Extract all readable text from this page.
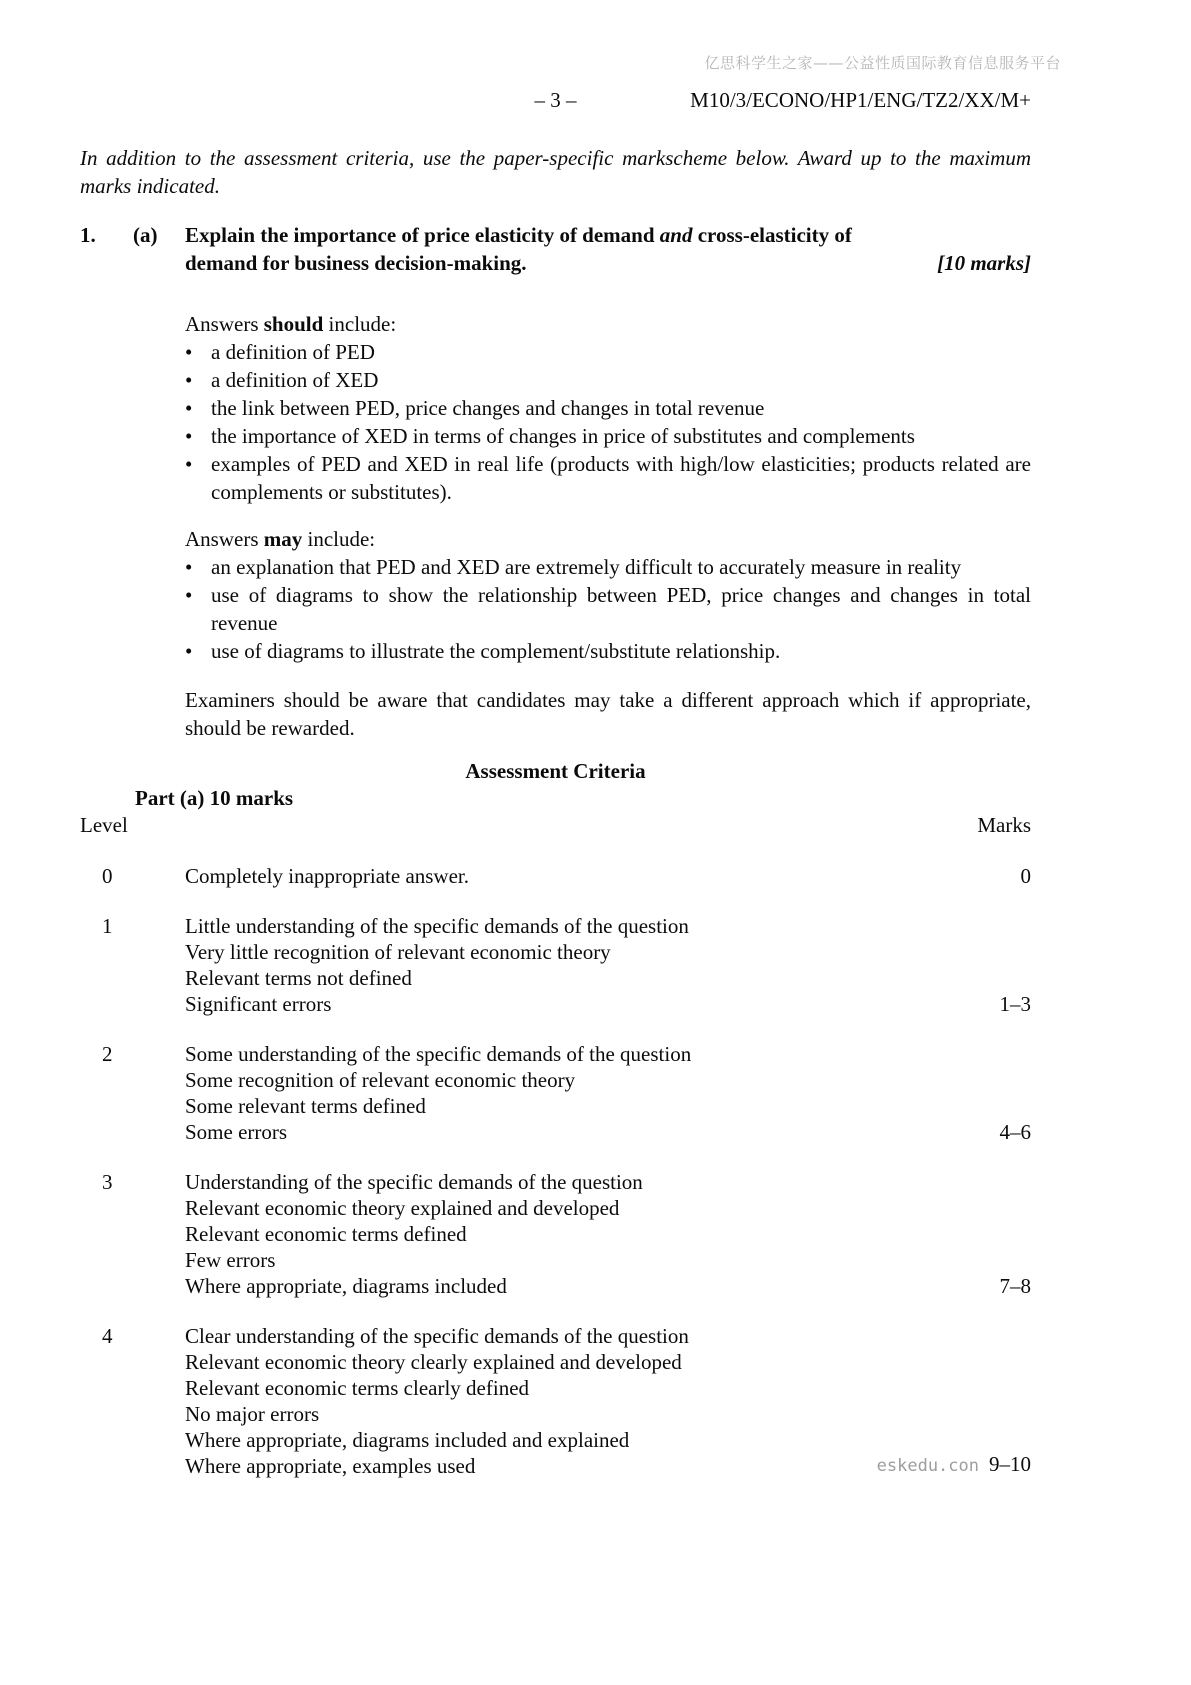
亿思科学生之家——公益性质国际教育信息服务平台
– 3 –	M10/3/ECONO/HP1/ENG/TZ2/XX/M+

In addition to the assessment criteria, use the paper-specific markscheme below. Award up to the maximum marks indicated.

1.	(a)	Explain the importance of price elasticity of demand and cross-elasticity of demand for business decision-making.	[10 marks]
Answers should include:
• a definition of PED
• a definition of XED
• the link between PED, price changes and changes in total revenue
• the importance of XED in terms of changes in price of substitutes and complements
• examples of PED and XED in real life (products with high/low elasticities; products related are complements or substitutes).
Answers may include:
• an explanation that PED and XED are extremely difficult to accurately measure in reality
• use of diagrams to show the relationship between PED, price changes and changes in total revenue
• use of diagrams to illustrate the complement/substitute relationship.

Examiners should be aware that candidates may take a different approach which if appropriate, should be rewarded.

Assessment Criteria
Part (a) 10 marks
Level	Marks
0	Completely inappropriate answer.	0
1	Little understanding of the specific demands of the question
Very little recognition of relevant economic theory
Relevant terms not defined
Significant errors	1–3
2	Some understanding of the specific demands of the question
Some recognition of relevant economic theory
Some relevant terms defined
Some errors	4–6
3	Understanding of the specific demands of the question
Relevant economic theory explained and developed
Relevant economic terms defined
Few errors
Where appropriate, diagrams included	7–8
4	Clear understanding of the specific demands of the question
Relevant economic theory clearly explained and developed
Relevant economic terms clearly defined
No major errors
Where appropriate, diagrams included and explained
Where appropriate, examples used	eskedu.con 9–10
